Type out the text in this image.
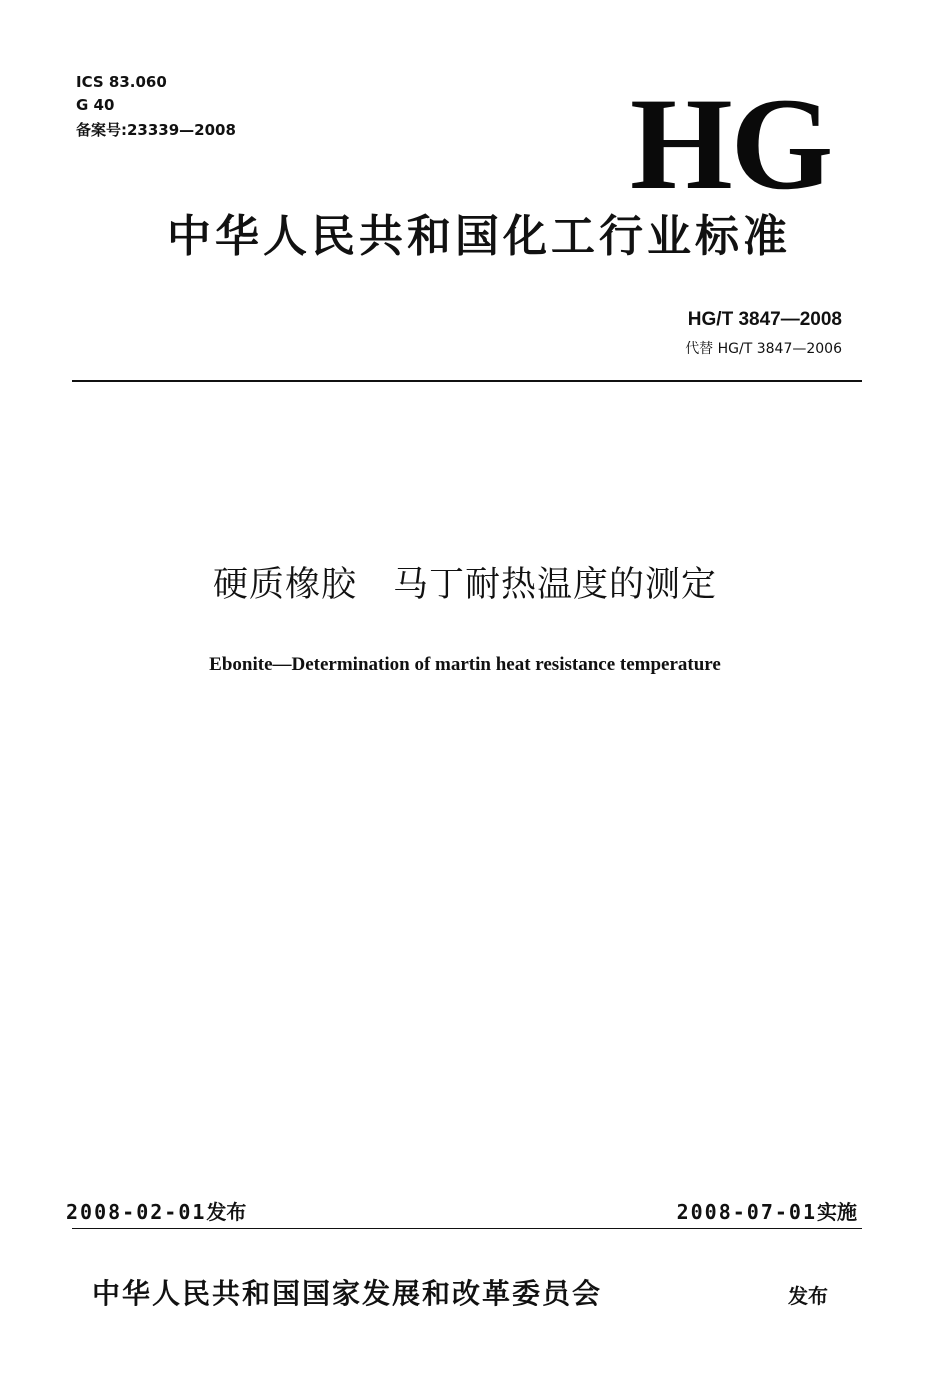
ICS 83.060
G 40
备案号:23339—2008	HG
中华人民共和国化工行业标准
HG/T 3847—2008
代替 HG/T 3847—2006
硬质橡胶　马丁耐热温度的测定
Ebonite—Determination of martin heat resistance temperature
2008-02-01发布	2008-07-01实施
中华人民共和国国家发展和改革委员会	发布
